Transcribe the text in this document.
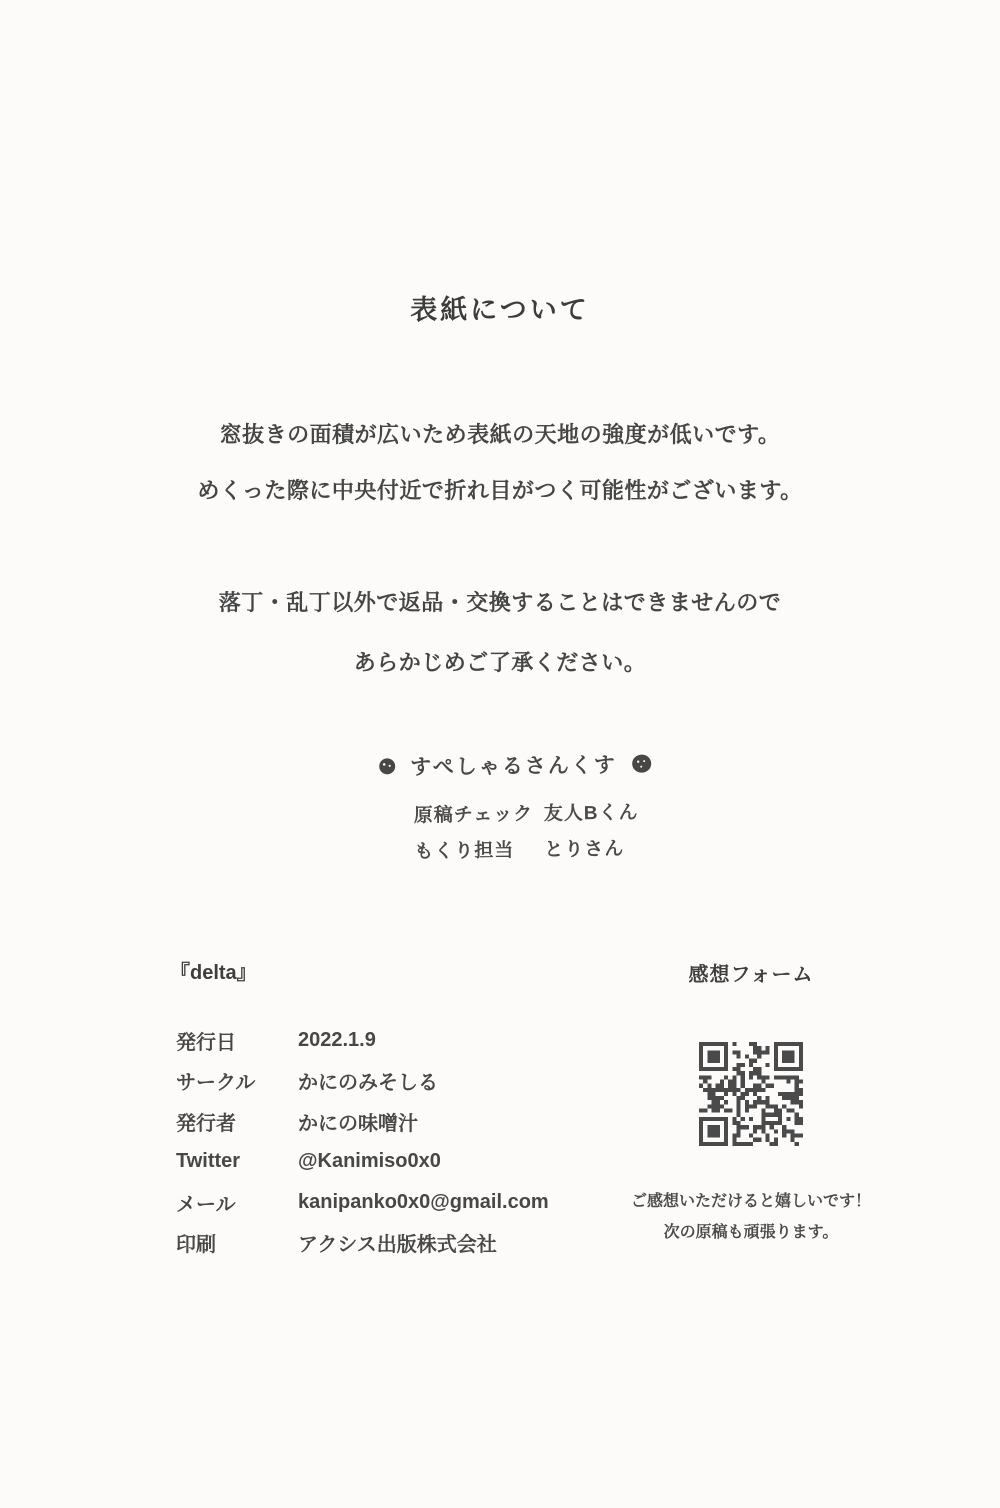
表紙について

窓抜きの面積が広いため表紙の天地の強度が低いです。

めくった際に中央付近で折れ目がつく可能性がございます。

落丁・乱丁以外で返品・交換することはできませんので

あらかじめご了承ください。

すぺしゃるさんくす
原稿チェック 友人Bくん
もくり担当 とりさん
『delta』
発行日	2022.1.9
サークル	かにのみそしる
発行者	かにの味噌汁
Twitter	@Kanimiso0x0
メール	kanipanko0x0@gmail.com
印刷	アクシス出版株式会社
感想フォーム

ご感想いただけると嬉しいです！

次の原稿も頑張ります。
